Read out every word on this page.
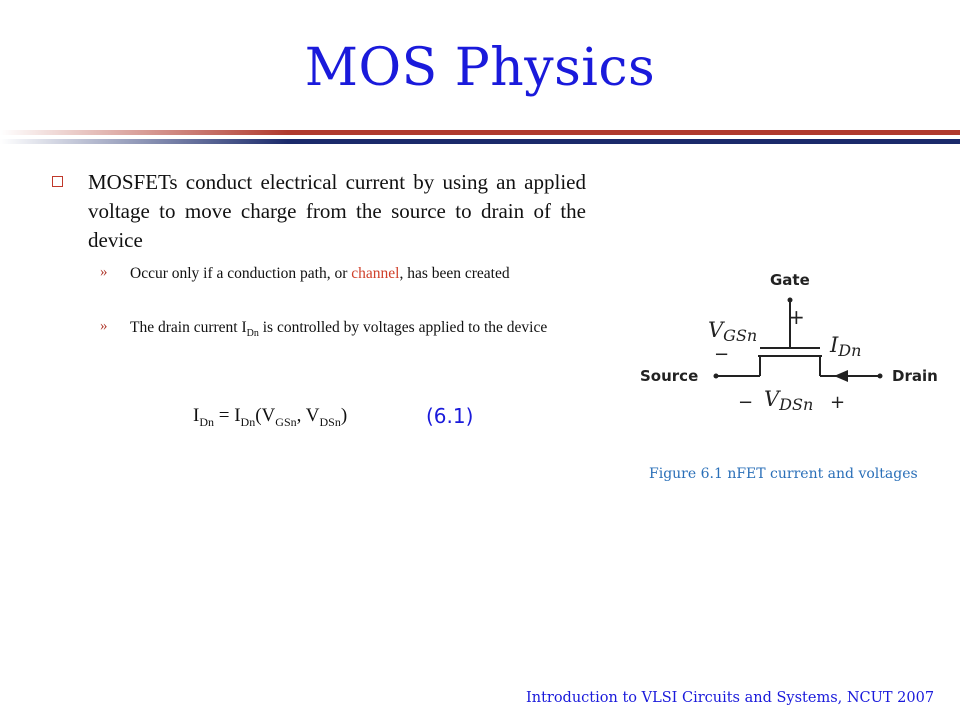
MOS Physics
MOSFETs conduct electrical current by using an applied voltage to move charge from the source to drain of the device
» Occur only if a conduction path, or channel, has been created
» The drain current $I_{Dn}$ is controlled by voltages applied to the device
$I_{Dn} = I_{Dn}(V_{GSn}$, $V_{DSn}$)	(6.1)
Gate
Source	Drain
+
−
−	+
VGSn	IDn
VDSn
Figure 6.1 nFET current and voltages
Introduction to VLSI Circuits and Systems, NCUT 2007
